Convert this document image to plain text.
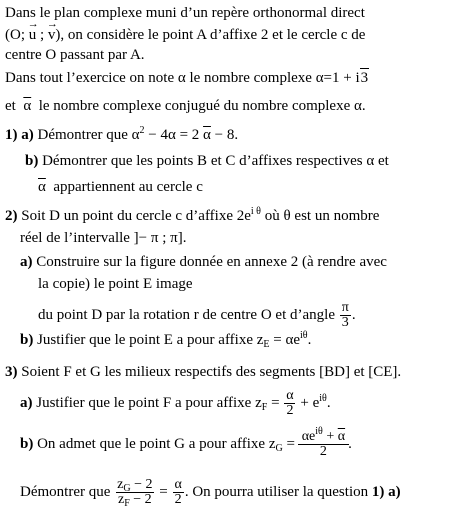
Dans le plan complexe muni d’un repère orthonormal direct
(O; → u ; → v), on considère le point A d’affixe 2 et le cercle c de
centre O passant par A.
Dans tout l’exercice on note α le nombre complexe α=1 + i3
et $\overline{\alpha}$ le nombre complexe conjugué du nombre complexe α.
1) a) Démontrer que $\alpha^2 - 4\alpha = 2$ $\overline{\alpha} - 8$.
b) Démontrer que les points B et C d’affixes respectives α et
$\overline{\alpha}$ appartiennent au cercle c
2) Soit D un point du cercle c d’affixe $2e^{i \theta}$ où θ est un nombre
réel de l’intervalle ]− π ; π].
a) Construire sur la figure donnée en annexe 2 (à rendre avec
la copie) le point E image
du point D par la rotation r de centre O et d’angle $\frac{\pi}{3}$ .
b) Justifier que le point E a pour affixe $z_E = \alpha e^{i\theta}$.
3) Soient F et G les milieux respectifs des segments [BD] et [CE].
a) Justifier que le point F a pour affixe $z_F = \frac{\alpha}{2} + e^{i\theta}$.
b) On admet que le point G a pour affixe $z_G = \frac{\alpha e^{i\theta} + \overline{\alpha}}{2}$ .
Démontrer que $\frac{z_G - 2}{z_F - 2} = \frac{\alpha}{2}$ . On pourra utiliser la question 1) a)
